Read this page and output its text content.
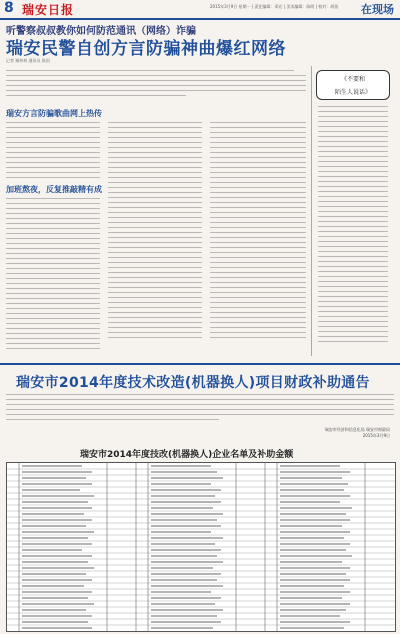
8 瑞安日报	2015年3月9日 星期一 | 责任编辑：邓宏 | 美术编辑：陈明 | 校对：胡依 在现场
听警察叔叔教你如何防范通讯（网络）诈骗
瑞安民警自创方言防骗神曲爆红网络
记者 谢林林 通讯员 陈国
瑞安方言防骗歌曲网上热传
加班熬夜，反复推敲精有成
《不要和
陌生人说话》
瑞安市2014年度技术改造(机器换人)项目财政补助通告
瑞安市经济和信息化局 瑞安市财政局
2015年3月9日
瑞安市2014年度技改(机器换人)企业名单及补助金额
